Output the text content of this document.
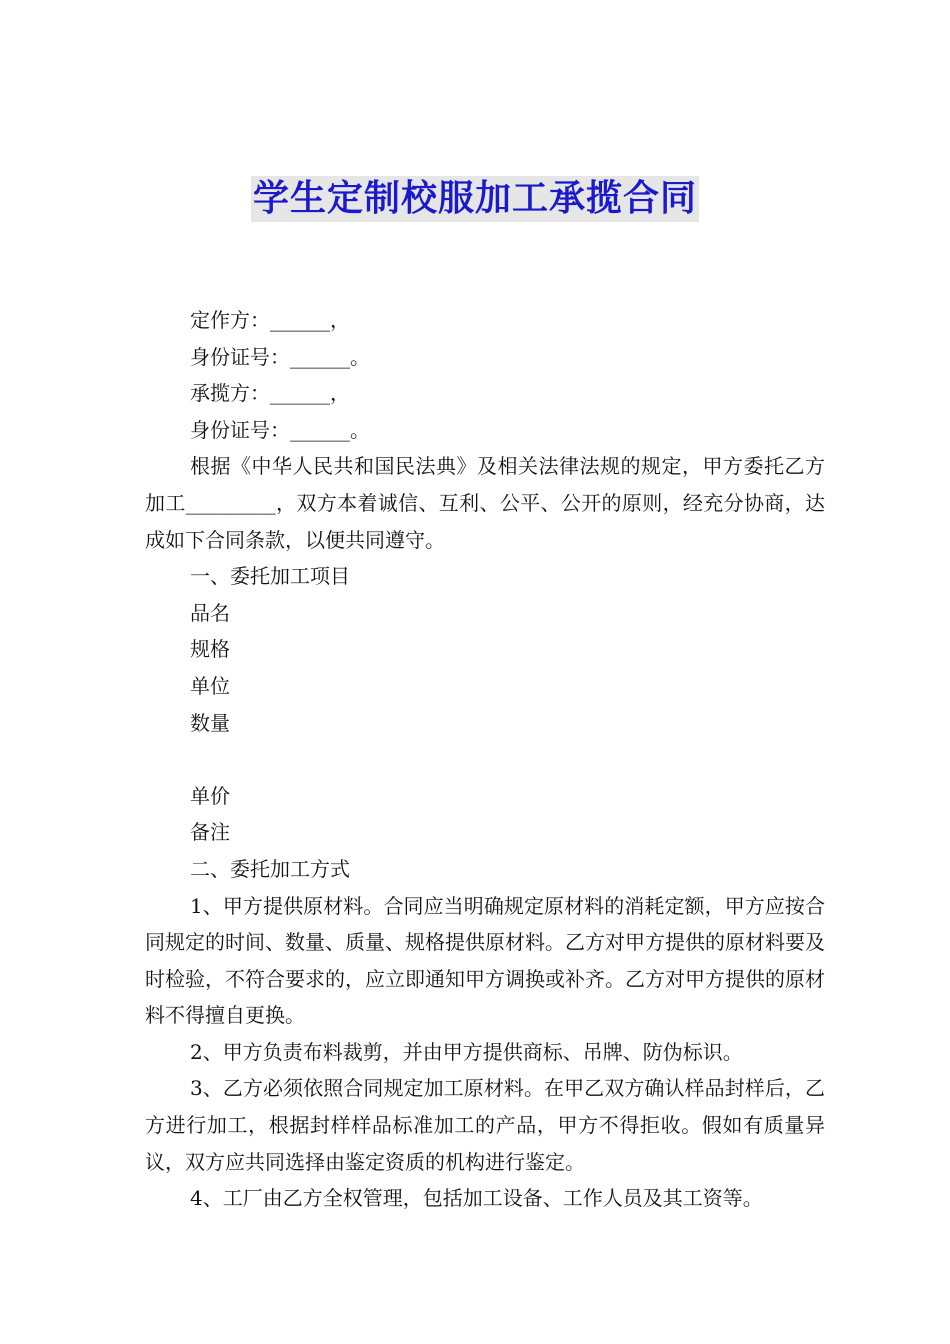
学生定制校服加工承揽合同

定作方：______，

身份证号：______。

承揽方：______，

身份证号：______。

根据《中华人民共和国民法典》及相关法律法规的规定，甲方委托乙方加工_________，双方本着诚信、互利、公平、公开的原则，经充分协商，达成如下合同条款，以便共同遵守。

一、委托加工项目

品名

规格

单位

数量

单价

备注

二、委托加工方式

1、甲方提供原材料。合同应当明确规定原材料的消耗定额，甲方应按合同规定的时间、数量、质量、规格提供原材料。乙方对甲方提供的原材料要及时检验，不符合要求的，应立即通知甲方调换或补齐。乙方对甲方提供的原材料不得擅自更换。

2、甲方负责布料裁剪，并由甲方提供商标、吊牌、防伪标识。

3、乙方必须依照合同规定加工原材料。在甲乙双方确认样品封样后，乙方进行加工，根据封样样品标准加工的产品，甲方不得拒收。假如有质量异议，双方应共同选择由鉴定资质的机构进行鉴定。

4、工厂由乙方全权管理，包括加工设备、工作人员及其工资等。
